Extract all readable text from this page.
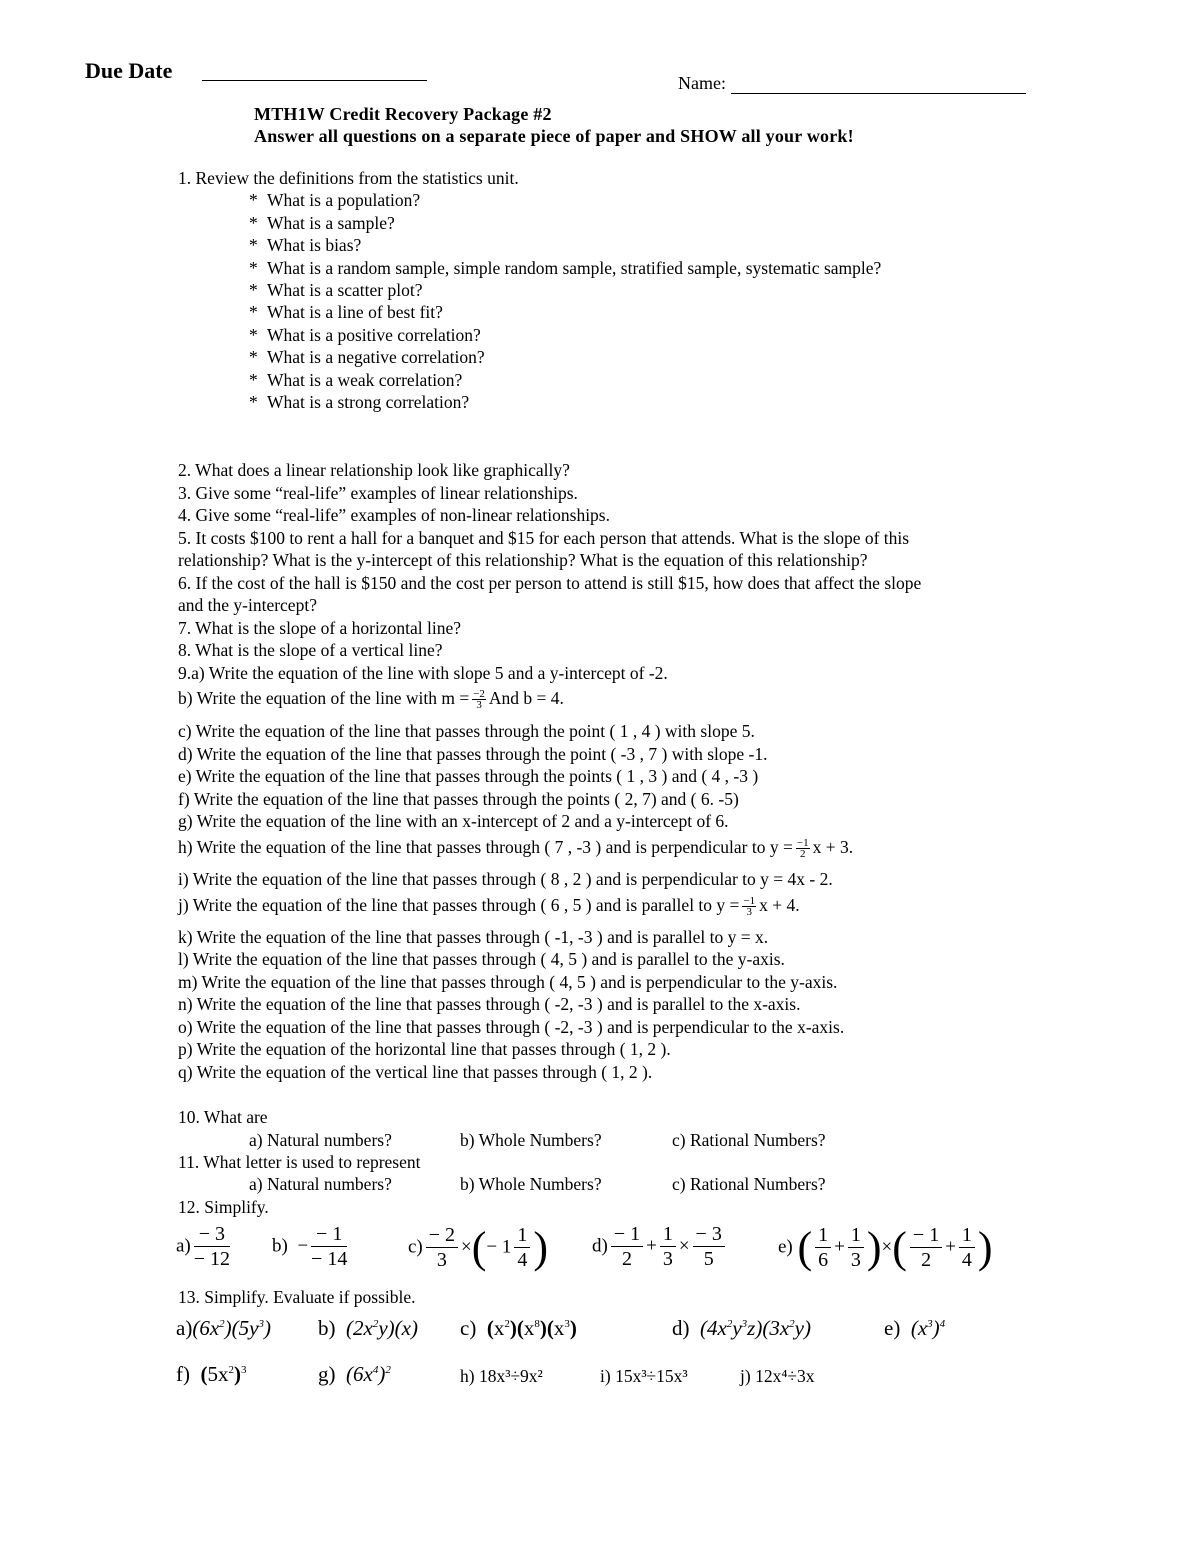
Due Date	Name:
MTH1W Credit Recovery Package #2
Answer all questions on a separate piece of paper and SHOW all your work!
1. Review the definitions from the statistics unit.
* What is a population?
* What is a sample?
* What is bias?
* What is a random sample, simple random sample, stratified sample, systematic sample?
* What is a scatter plot?
* What is a line of best fit?
* What is a positive correlation?
* What is a negative correlation?
* What is a weak correlation?
* What is a strong correlation?
2. What does a linear relationship look like graphically?
3. Give some “real-life” examples of linear relationships.
4. Give some “real-life” examples of non-linear relationships.
5. It costs $100 to rent a hall for a banquet and $15 for each person that attends. What is the slope of this
relationship? What is the y-intercept of this relationship? What is the equation of this relationship?
6. If the cost of the hall is $150 and the cost per person to attend is still $15, how does that affect the slope
and the y-intercept?
7. What is the slope of a horizontal line?
8. What is the slope of a vertical line?
9.a) Write the equation of the line with slope 5 and a y-intercept of -2.
b) Write the equation of the line with $m = \frac{-2}{3}$ And b = 4.
c) Write the equation of the line that passes through the point ( 1 , 4 ) with slope 5.
d) Write the equation of the line that passes through the point ( -3 , 7 ) with slope -1.
e) Write the equation of the line that passes through the points ( 1 , 3 ) and ( 4 , -3 )
f) Write the equation of the line that passes through the points ( 2, 7) and ( 6. -5)
g) Write the equation of the line with an x-intercept of 2 and a y-intercept of 6.
h) Write the equation of the line that passes through ( 7 , -3 ) and is perpendicular to $y = \frac{-1}{2}$ x + 3.
i) Write the equation of the line that passes through ( 8 , 2 ) and is perpendicular to y = 4x - 2.
j) Write the equation of the line that passes through ( 6 , 5 ) and is parallel to $y = \frac{-1}{3}$ x + 4.
k) Write the equation of the line that passes through ( -1, -3 ) and is parallel to y = x.
l) Write the equation of the line that passes through ( 4, 5 ) and is parallel to the y-axis.
m) Write the equation of the line that passes through ( 4, 5 ) and is perpendicular to the y-axis.
n) Write the equation of the line that passes through ( -2, -3 ) and is parallel to the x-axis.
o) Write the equation of the line that passes through ( -2, -3 ) and is perpendicular to the x-axis.
p) Write the equation of the horizontal line that passes through ( 1, 2 ).
q) Write the equation of the vertical line that passes through ( 1, 2 ).
10. What are
a) Natural numbers?	b) Whole Numbers?	c) Rational Numbers?
11. What letter is used to represent
a) Natural numbers?	b) Whole Numbers?	c) Rational Numbers?
12. Simplify.
$a) \frac{- 3}{- 12} b) - \frac{- 1}{- 14}$	$c) \frac{- 2}{3}$ ×(− $1 \frac{1}{4}$ ) $d) \frac{- 1}{2} + \frac{1}{3} \times \frac{- 3}{5}$	e) ( $\frac{1}{6} + \frac{1}{3}$ )×( $\frac{- 1}{2} + \frac{1}{4}$ )
13. Simplify. Evaluate if possible.
$a)(6x^2)(5y^3)$ b) $(2x^2y)(x)$ c) $(x^2)(x^8)(x^3)$	d) $(4x^2y^3z)(3x^2y)$	e) $(x^3)^4$
f) $(5x^2)^3$	g) $(6x^4)^2$	h) 18x³÷9x²	i) 15x³÷15x³	j) 12x⁴÷3x
